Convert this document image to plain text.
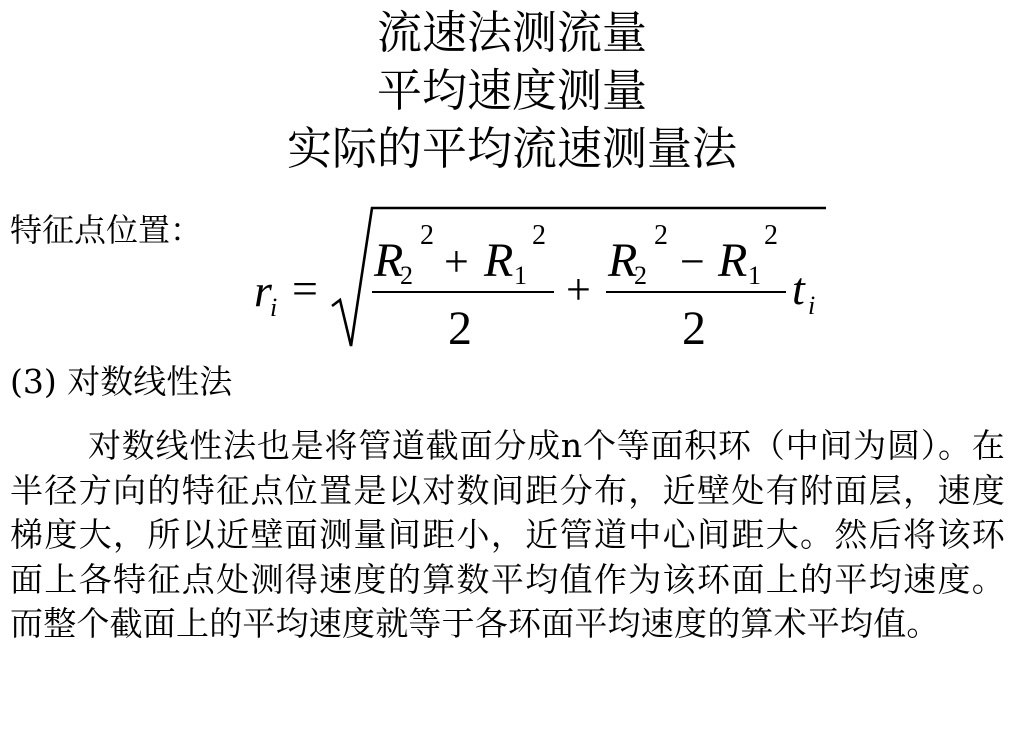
流速法测流量
平均速度测量
实际的平均流速测量法
特征点位置：
r
i =
R
2
2
+ R 1
2
2
+
R
2
2
− R 1
2
2
t i
(3) 对数线性法
对数线性法也是将管道截面分成n个等面积环（中间为圆）。在半径方向的特征点位置是以对数间距分布，近壁处有附面层，速度梯度大，所以近壁面测量间距小，近管道中心间距大。然后将该环面上各特征点处测得速度的算数平均值作为该环面上的平均速度。而整个截面上的平均速度就等于各环面平均速度的算术平均值。
